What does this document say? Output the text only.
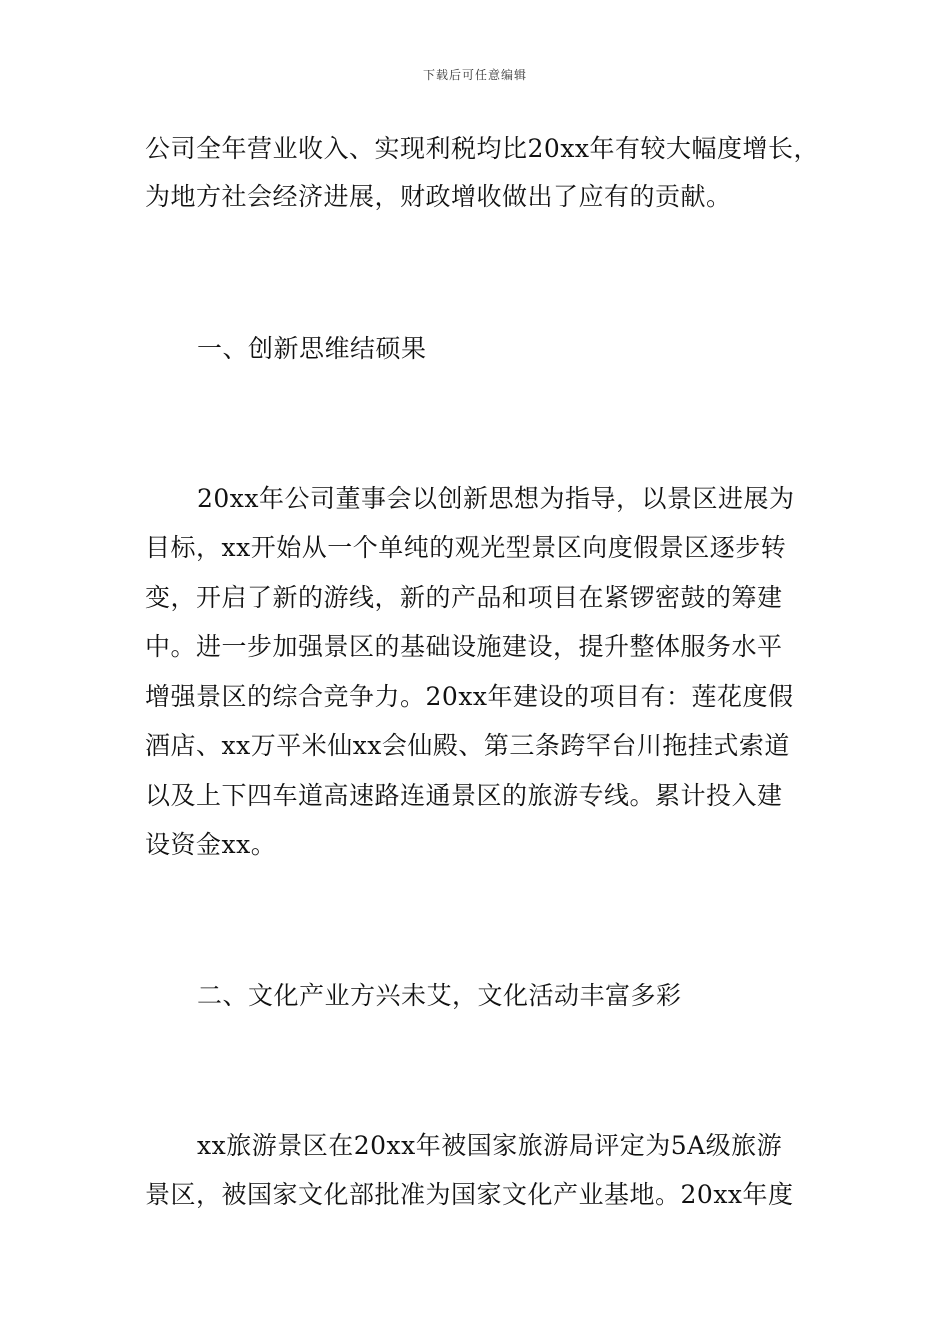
下载后可任意编辑
公司全年营业收入、实现利税均比20xx年有较大幅度增长，
为地方社会经济进展，财政增收做出了应有的贡献。
一、创新思维结硕果
20xx年公司董事会以创新思想为指导，以景区进展为
目标，xx开始从一个单纯的观光型景区向度假景区逐步转
变，开启了新的游线，新的产品和项目在紧锣密鼓的筹建
中。进一步加强景区的基础设施建设，提升整体服务水平
增强景区的综合竞争力。20xx年建设的项目有：莲花度假
酒店、xx万平米仙xx会仙殿、第三条跨罕台川拖挂式索道
以及上下四车道高速路连通景区的旅游专线。累计投入建
设资金xx。
二、文化产业方兴未艾，文化活动丰富多彩
xx旅游景区在20xx年被国家旅游局评定为5A级旅游
景区，被国家文化部批准为国家文化产业基地。20xx年度
